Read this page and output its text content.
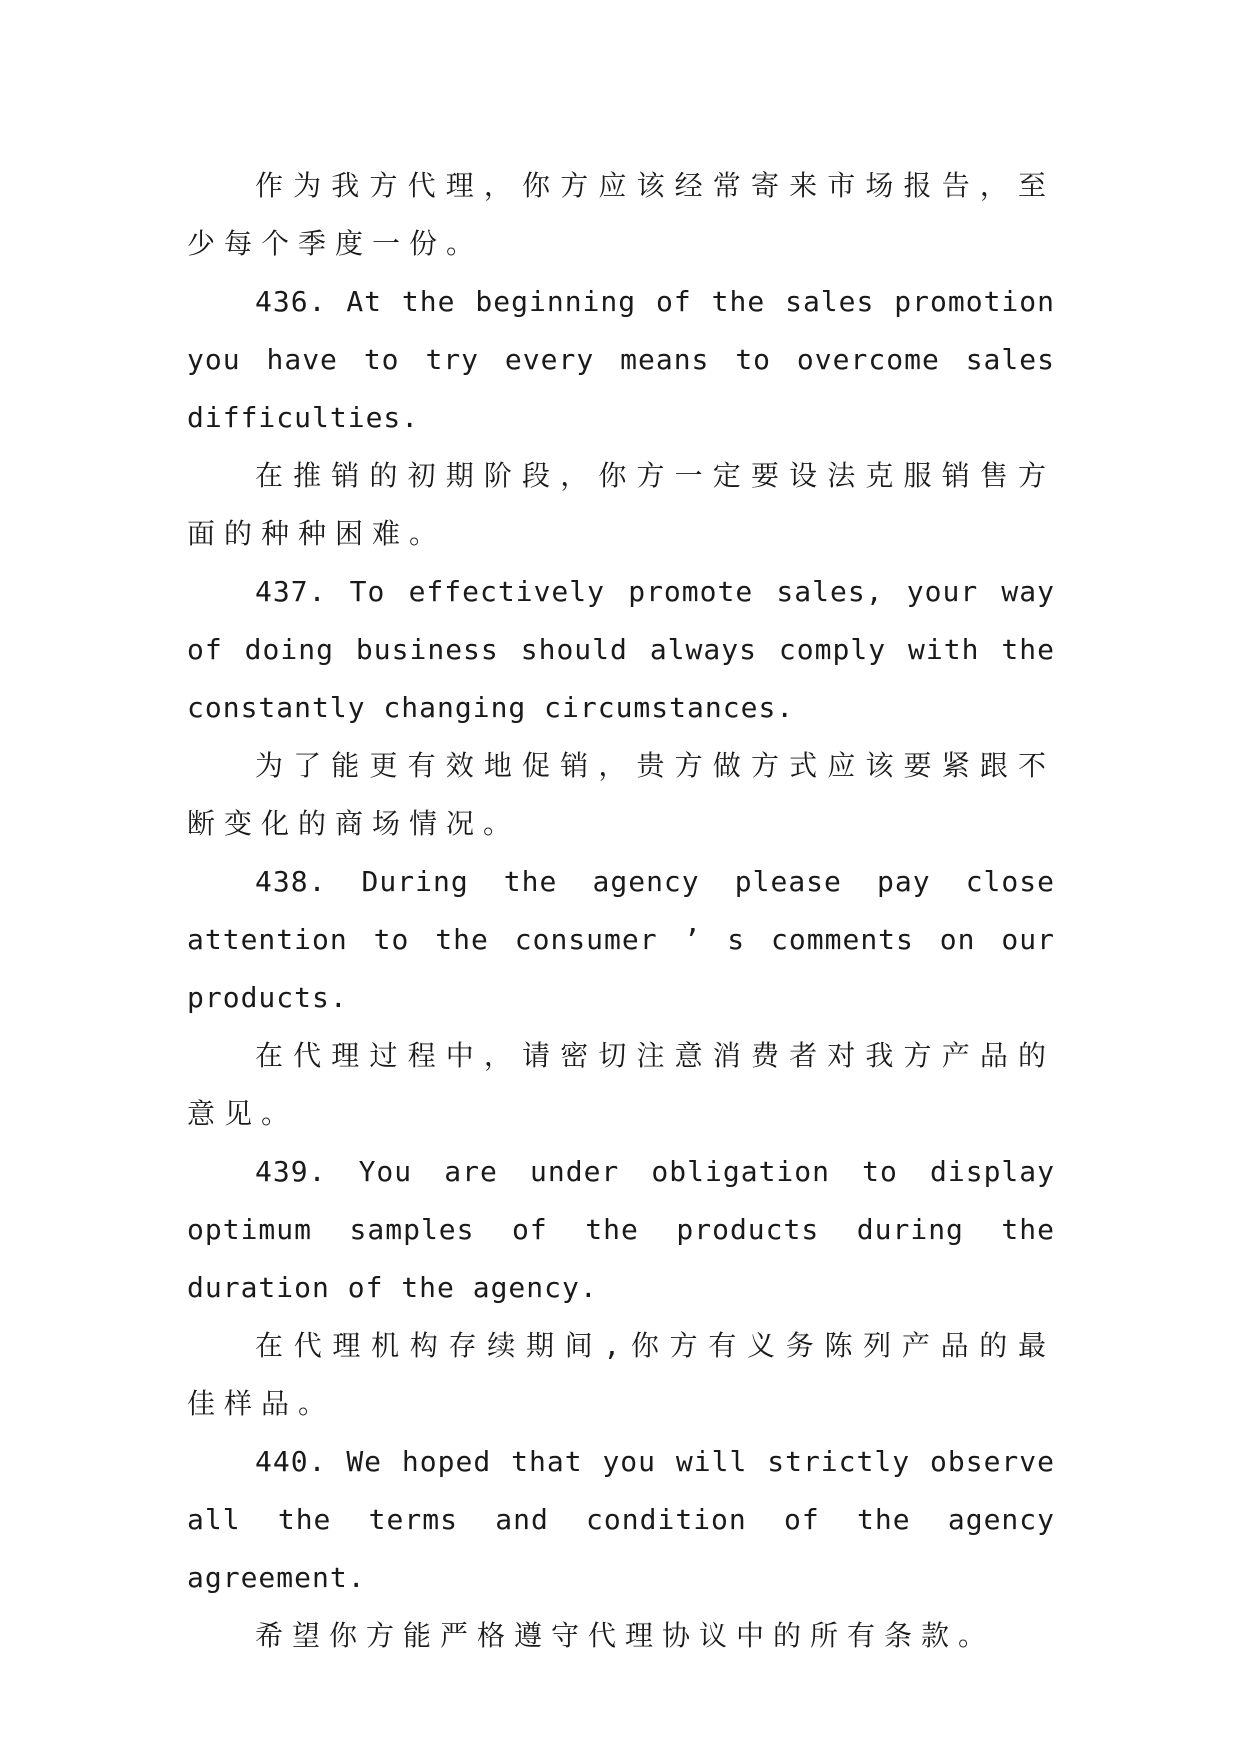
作为我方代理，你方应该经常寄来市场报告，至少每个季度一份。

436. At the beginning of the sales promotion you have to try every means to overcome sales difficulties.

在推销的初期阶段，你方一定要设法克服销售方面的种种困难。

437. To effectively promote sales, your way of doing business should always comply with the constantly changing circumstances.

为了能更有效地促销，贵方做方式应该要紧跟不断变化的商场情况。

438. During the agency please pay close attention to the consumer ’ s comments on our products.

在代理过程中，请密切注意消费者对我方产品的意见。

439. You are under obligation to display optimum samples of the products during the duration of the agency.

在代理机构存续期间,你方有义务陈列产品的最佳样品。

440. We hoped that you will strictly observe all the terms and condition of the agency agreement.

希望你方能严格遵守代理协议中的所有条款。
